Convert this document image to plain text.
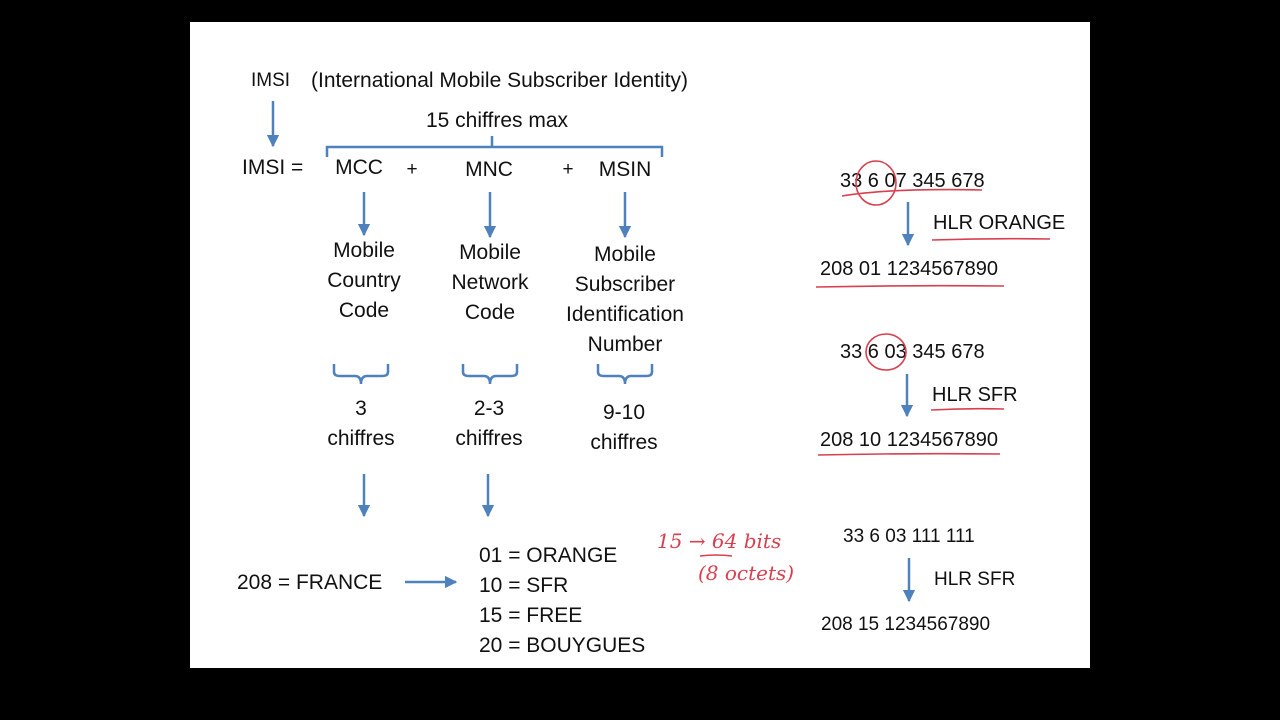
IMSI (International Mobile Subscriber Identity)
15 chiffres max
IMSI = MCC + MNC	+ MSIN
Mobile
Country
Code
Mobile
Network
Code
Mobile
Subscriber
Identification
Number
3
chiffres
2-3
chiffres
9-10
chiffres
208 = FRANCE
01 = ORANGE
10 = SFR
15 = FREE
20 = BOUYGUES
15 → 64 bits
(8 octets)
33 6 07 345 678
HLR ORANGE
208 01 1234567890
33 6 03 345 678
HLR SFR
208 10 1234567890
33 6 03 111 111
HLR SFR
208 15 1234567890
